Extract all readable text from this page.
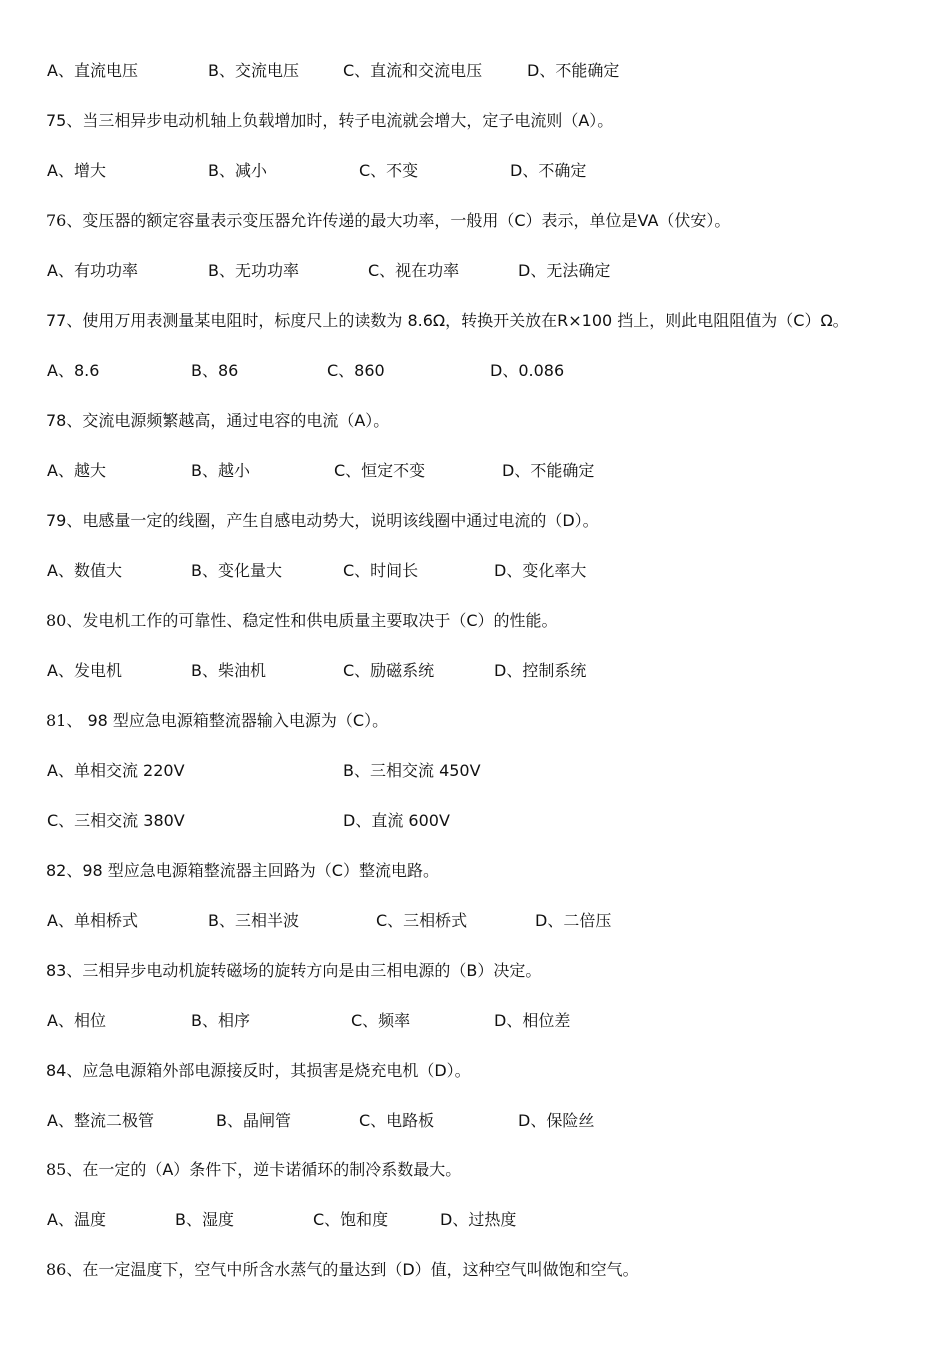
A、直流电压	B、交流电压	C、直流和交流电压	D、不能确定
75、当三相异步电动机轴上负载增加时，转子电流就会增大，定子电流则（A）。
A、增大	B、减小	C、不变	D、不确定
76、变压器的额定容量表示变压器允许传递的最大功率，一般用（C）表示，单位是VA（伏安）。
A、有功功率	B、无功功率	C、视在功率	D、无法确定
77、使用万用表测量某电阻时，标度尺上的读数为 8.6Ω，转换开关放在R×100 挡上，则此电阻阻值为（C）Ω。
A、8.6	B、86	C、860	D、0.086
78、交流电源频繁越高，通过电容的电流（A）。
A、越大	B、越小	C、恒定不变	D、不能确定
79、电感量一定的线圈，产生自感电动势大，说明该线圈中通过电流的（D）。
A、数值大	B、变化量大	C、时间长	D、变化率大
80、发电机工作的可靠性、稳定性和供电质量主要取决于（C）的性能。
A、发电机	B、柴油机	C、励磁系统	D、控制系统
81、 98 型应急电源箱整流器输入电源为（C）。
A、单相交流 220V	B、三相交流 450V
C、三相交流 380V	D、直流 600V
82、98 型应急电源箱整流器主回路为（C）整流电路。
A、单相桥式	B、三相半波	C、三相桥式	D、二倍压
83、三相异步电动机旋转磁场的旋转方向是由三相电源的（B）决定。
A、相位	B、相序	C、频率	D、相位差
84、应急电源箱外部电源接反时，其损害是烧充电机（D）。
A、整流二极管	B、晶闸管	C、电路板	D、保险丝
85、在一定的（A）条件下，逆卡诺循环的制冷系数最大。
A、温度	B、湿度	C、饱和度	D、过热度
86、在一定温度下，空气中所含水蒸气的量达到（D）值，这种空气叫做饱和空气。
